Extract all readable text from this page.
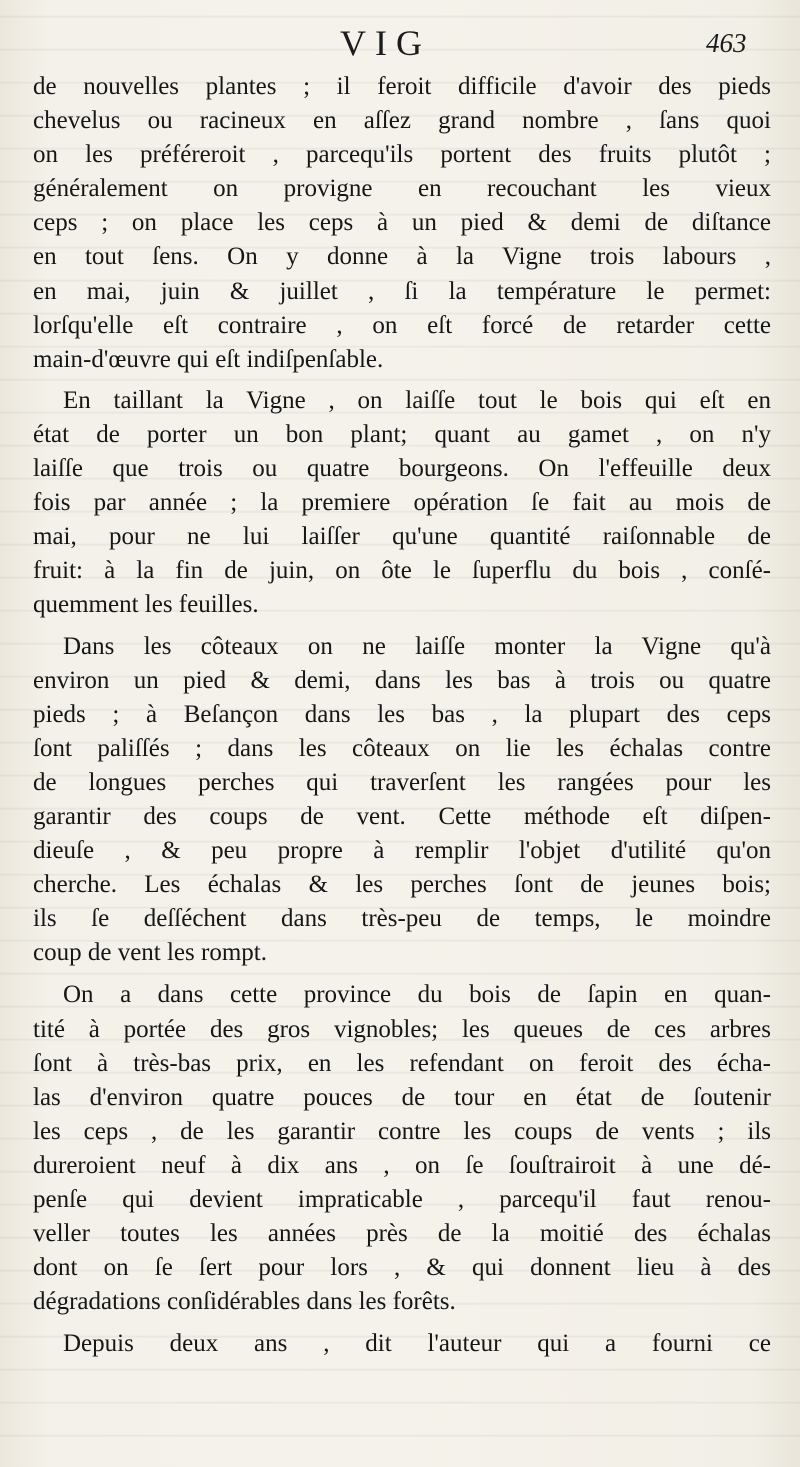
VIG	463
de nouvelles plantes ; il feroit difficile d'avoir des pieds
chevelus ou racineux en aſſez grand nombre , ſans quoi
on les préféreroit , parcequ'ils portent des fruits plutôt ;
généralement on provigne en recouchant les vieux
ceps ; on place les ceps à un pied & demi de diſtance
en tout ſens. On y donne à la Vigne trois labours ,
en mai, juin & juillet , ſi la température le permet:
lorſqu'elle eſt contraire , on eſt forcé de retarder cette
main-d'œuvre qui eſt indiſpenſable.
En taillant la Vigne , on laiſſe tout le bois qui eſt en
état de porter un bon plant; quant au gamet , on n'y
laiſſe que trois ou quatre bourgeons. On l'effeuille deux
fois par année ; la premiere opération ſe fait au mois de
mai, pour ne lui laiſſer qu'une quantité raiſonnable de
fruit: à la fin de juin, on ôte le ſuperflu du bois , conſé-
quemment les feuilles.
Dans les côteaux on ne laiſſe monter la Vigne qu'à
environ un pied & demi, dans les bas à trois ou quatre
pieds ; à Beſançon dans les bas , la plupart des ceps
ſont paliſſés ; dans les côteaux on lie les échalas contre
de longues perches qui traverſent les rangées pour les
garantir des coups de vent. Cette méthode eſt diſpen-
dieuſe , & peu propre à remplir l'objet d'utilité qu'on
cherche. Les échalas & les perches ſont de jeunes bois;
ils ſe deſſéchent dans très-peu de temps, le moindre
coup de vent les rompt.
On a dans cette province du bois de ſapin en quan-
tité à portée des gros vignobles; les queues de ces arbres
ſont à très-bas prix, en les refendant on feroit des écha-
las d'environ quatre pouces de tour en état de ſoutenir
les ceps , de les garantir contre les coups de vents ; ils
dureroient neuf à dix ans , on ſe ſouſtrairoit à une dé-
penſe qui devient impraticable , parcequ'il faut renou-
veller toutes les années près de la moitié des échalas
dont on ſe ſert pour lors , & qui donnent lieu à des
dégradations conſidérables dans les forêts.
Depuis deux ans , dit l'auteur qui a fourni ce
